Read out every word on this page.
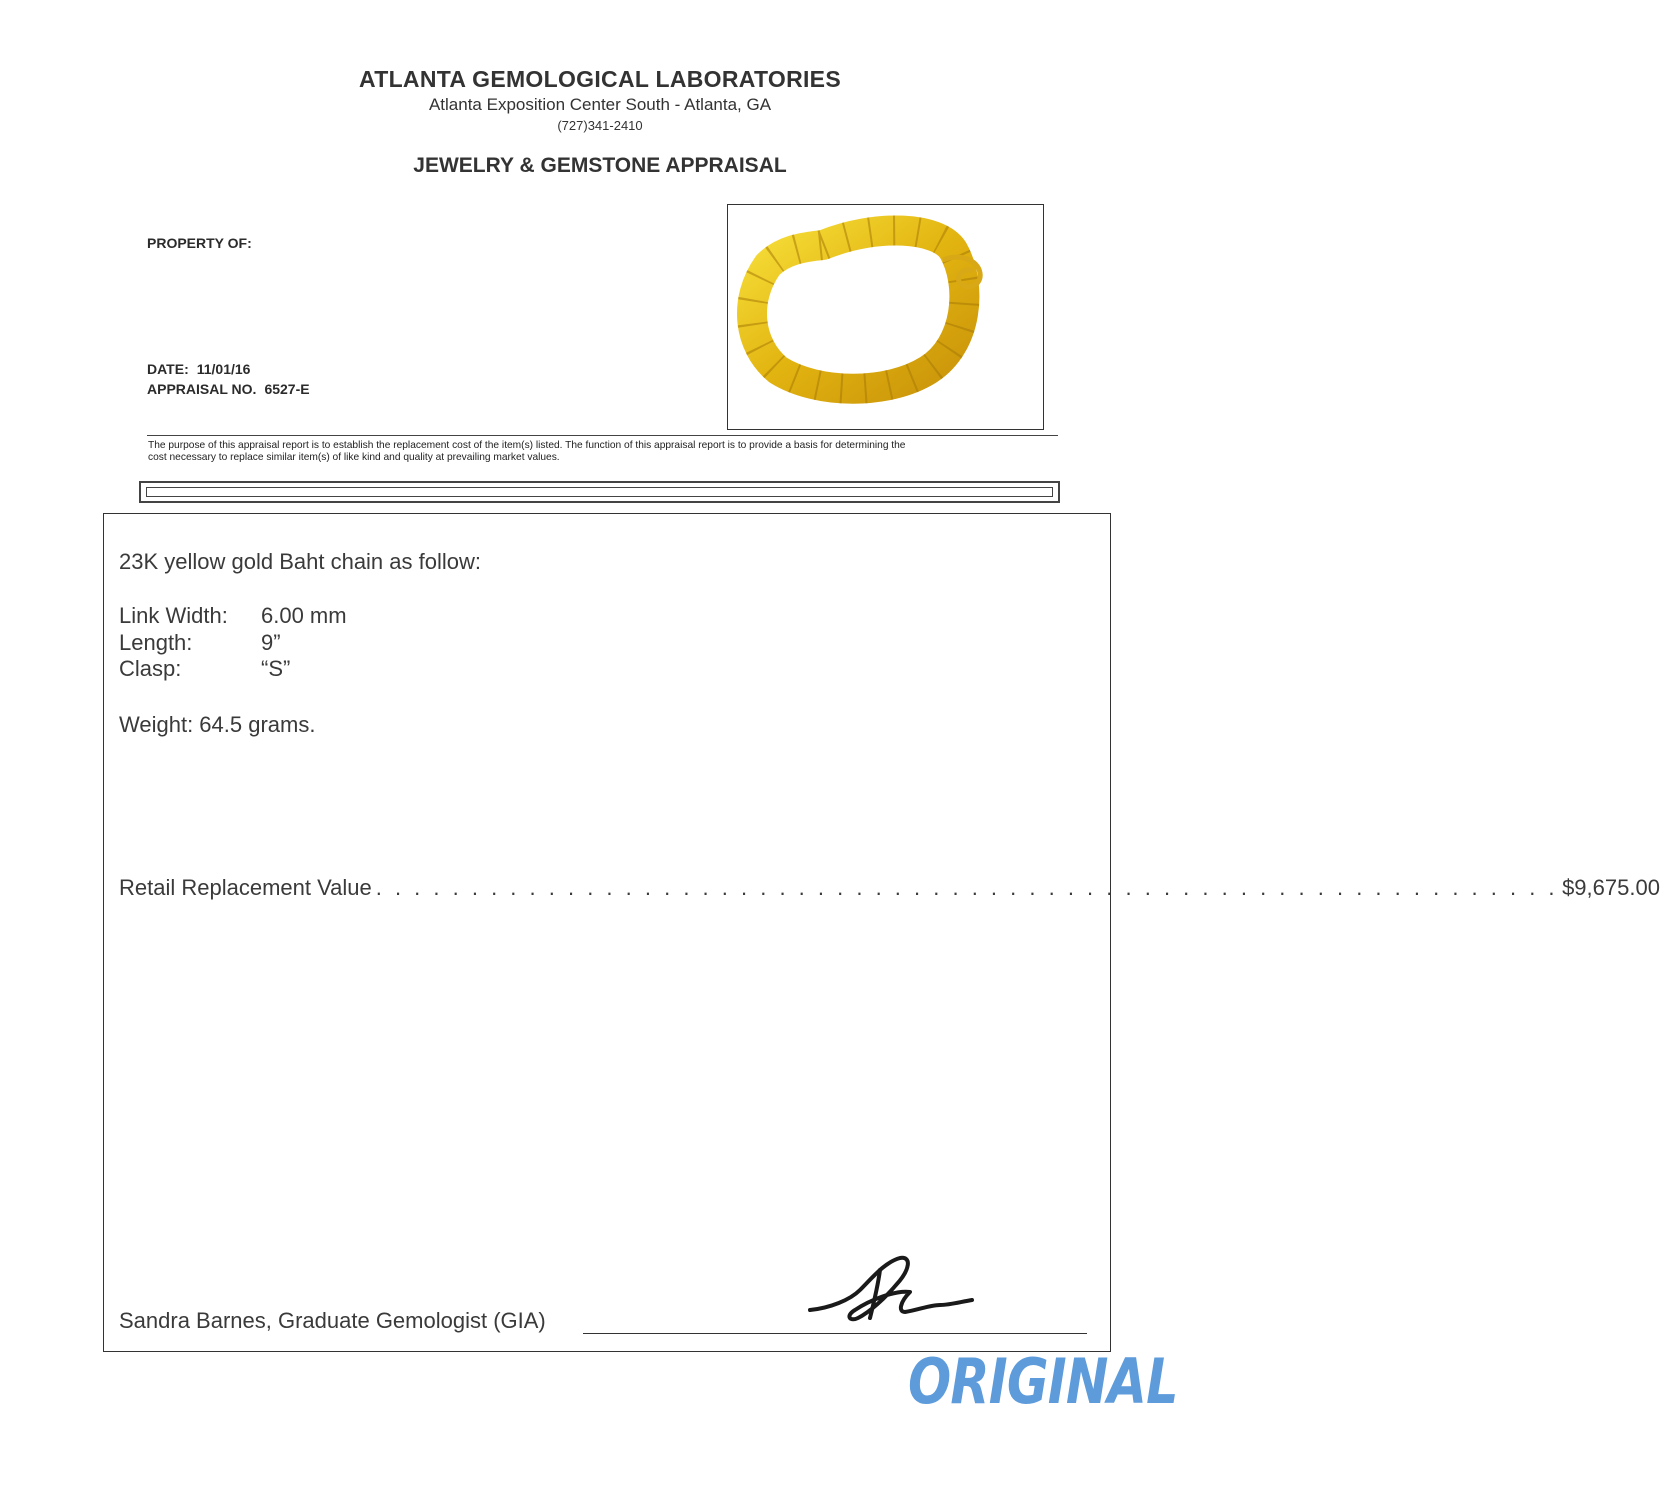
ATLANTA GEMOLOGICAL LABORATORIES
Atlanta Exposition Center South - Atlanta, GA
(727)341-2410
JEWELRY & GEMSTONE APPRAISAL
PROPERTY OF:
DATE: 11/01/16
APPRAISAL NO. 6527-E
The purpose of this appraisal report is to establish the replacement cost of the item(s) listed. The function of this appraisal report is to provide a basis for determining the
cost necessary to replace similar item(s) of like kind and quality at prevailing market values.
23K yellow gold Baht chain as follow:
Link Width: 6.00 mm
Length:	9”
Clasp:	“S”
Weight: 64.5 grams.
Retail Replacement Value . . . . . . . . . . . . . . . . . . . . . . . . . . . . . . . . . . . . . . . . . . . . . . . . . . . . . . . . . . . . . . $9,675.00
Sandra Barnes, Graduate Gemologist (GIA)
ORIGINAL
